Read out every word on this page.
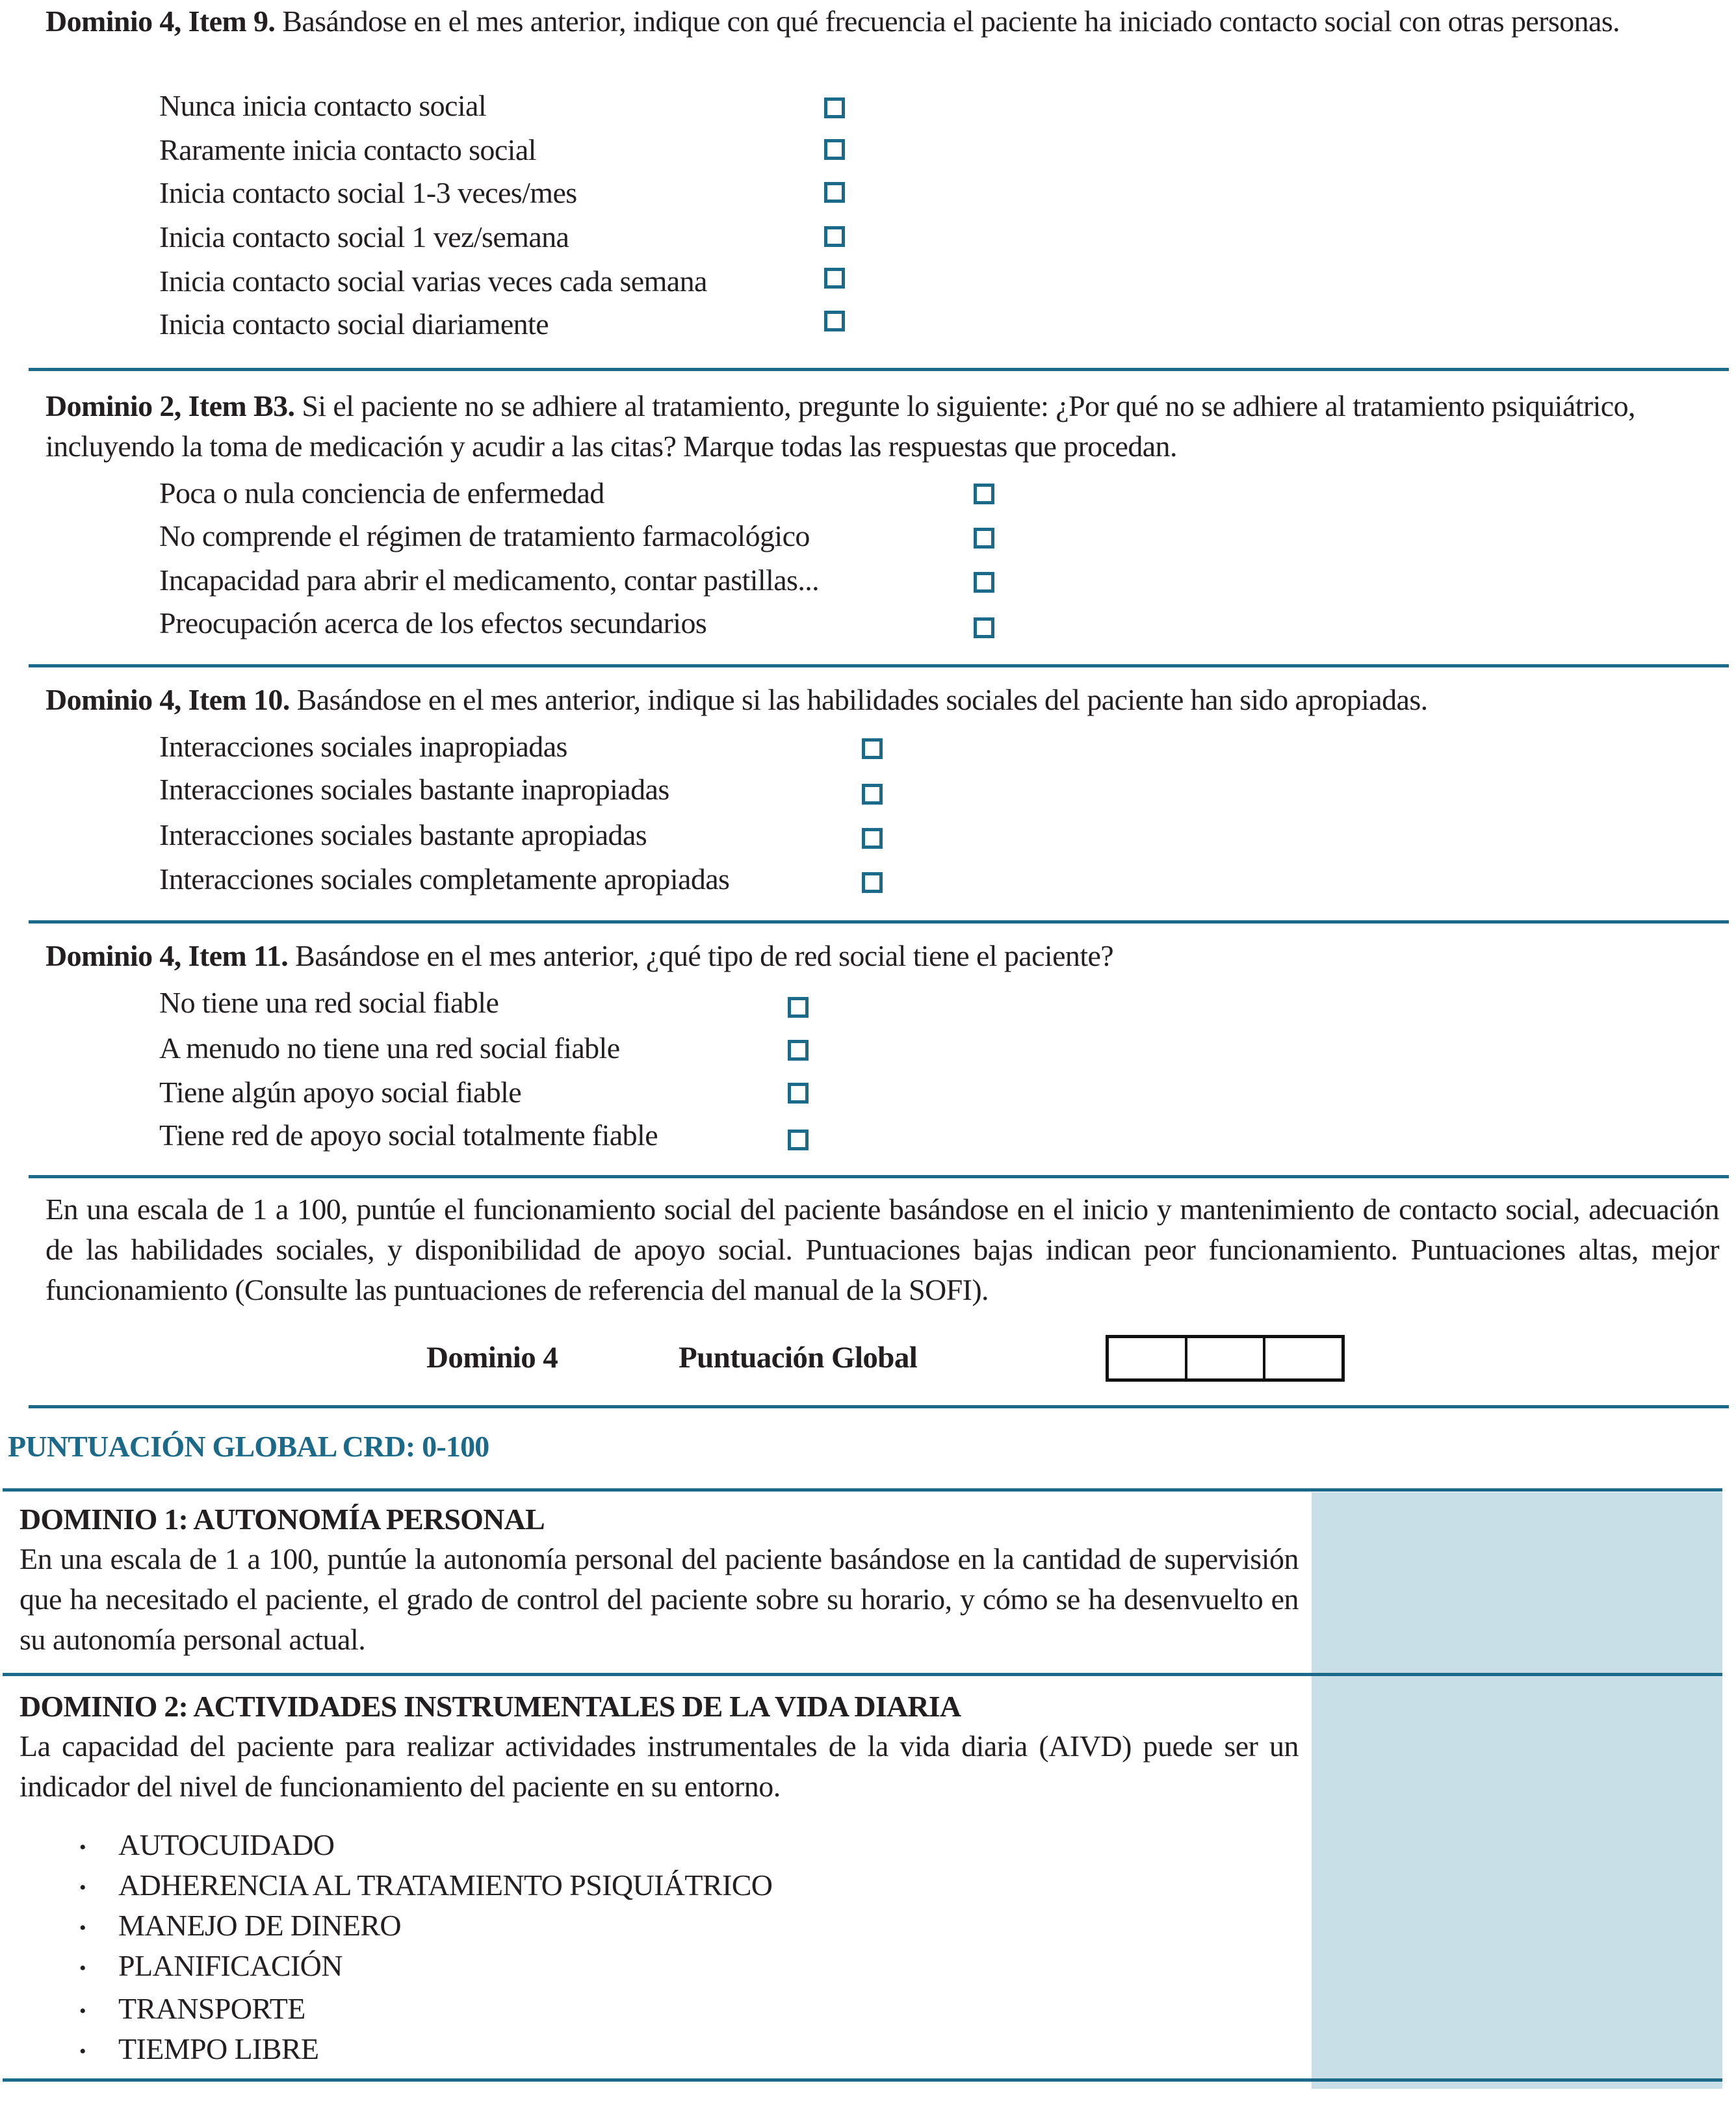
Dominio 4, Item 9. Basándose en el mes anterior, indique con qué frecuencia el paciente ha iniciado contacto social con otras personas.

Nunca inicia contacto social
Raramente inicia contacto social
Inicia contacto social 1-3 veces/mes
Inicia contacto social 1 vez/semana
Inicia contacto social varias veces cada semana
Inicia contacto social diariamente

Dominio 2, Item B3. Si el paciente no se adhiere al tratamiento, pregunte lo siguiente: ¿Por qué no se adhiere al tratamiento psiquiátrico, incluyendo la toma de medicación y acudir a las citas? Marque todas las respuestas que procedan.

Poca o nula conciencia de enfermedad
No comprende el régimen de tratamiento farmacológico
Incapacidad para abrir el medicamento, contar pastillas...
Preocupación acerca de los efectos secundarios

Dominio 4, Item 10. Basándose en el mes anterior, indique si las habilidades sociales del paciente han sido apropiadas.

Interacciones sociales inapropiadas
Interacciones sociales bastante inapropiadas
Interacciones sociales bastante apropiadas
Interacciones sociales completamente apropiadas

Dominio 4, Item 11. Basándose en el mes anterior, ¿qué tipo de red social tiene el paciente?

No tiene una red social fiable
A menudo no tiene una red social fiable
Tiene algún apoyo social fiable
Tiene red de apoyo social totalmente fiable

En una escala de 1 a 100, puntúe el funcionamiento social del paciente basándose en el inicio y mantenimiento de contacto social, adecuación de las habilidades sociales, y disponibilidad de apoyo social. Puntuaciones bajas indican peor funcionamiento. Puntuaciones altas, mejor funcionamiento (Consulte las puntuaciones de referencia del manual de la SOFI).

Dominio 4	Puntuación Global
PUNTUACIÓN GLOBAL CRD: 0-100
DOMINIO 1: AUTONOMÍA PERSONAL

En una escala de 1 a 100, puntúe la autonomía personal del paciente basándose en la cantidad de supervisión que ha necesitado el paciente, el grado de control del paciente sobre su horario, y cómo se ha desenvuelto en su autonomía personal actual.

DOMINIO 2: ACTIVIDADES INSTRUMENTALES DE LA VIDA DIARIA

La capacidad del paciente para realizar actividades instrumentales de la vida diaria (AIVD) puede ser un indicador del nivel de funcionamiento del paciente en su entorno.

• AUTOCUIDADO
• ADHERENCIA AL TRATAMIENTO PSIQUIÁTRICO
• MANEJO DE DINERO
• PLANIFICACIÓN
• TRANSPORTE
• TIEMPO LIBRE
